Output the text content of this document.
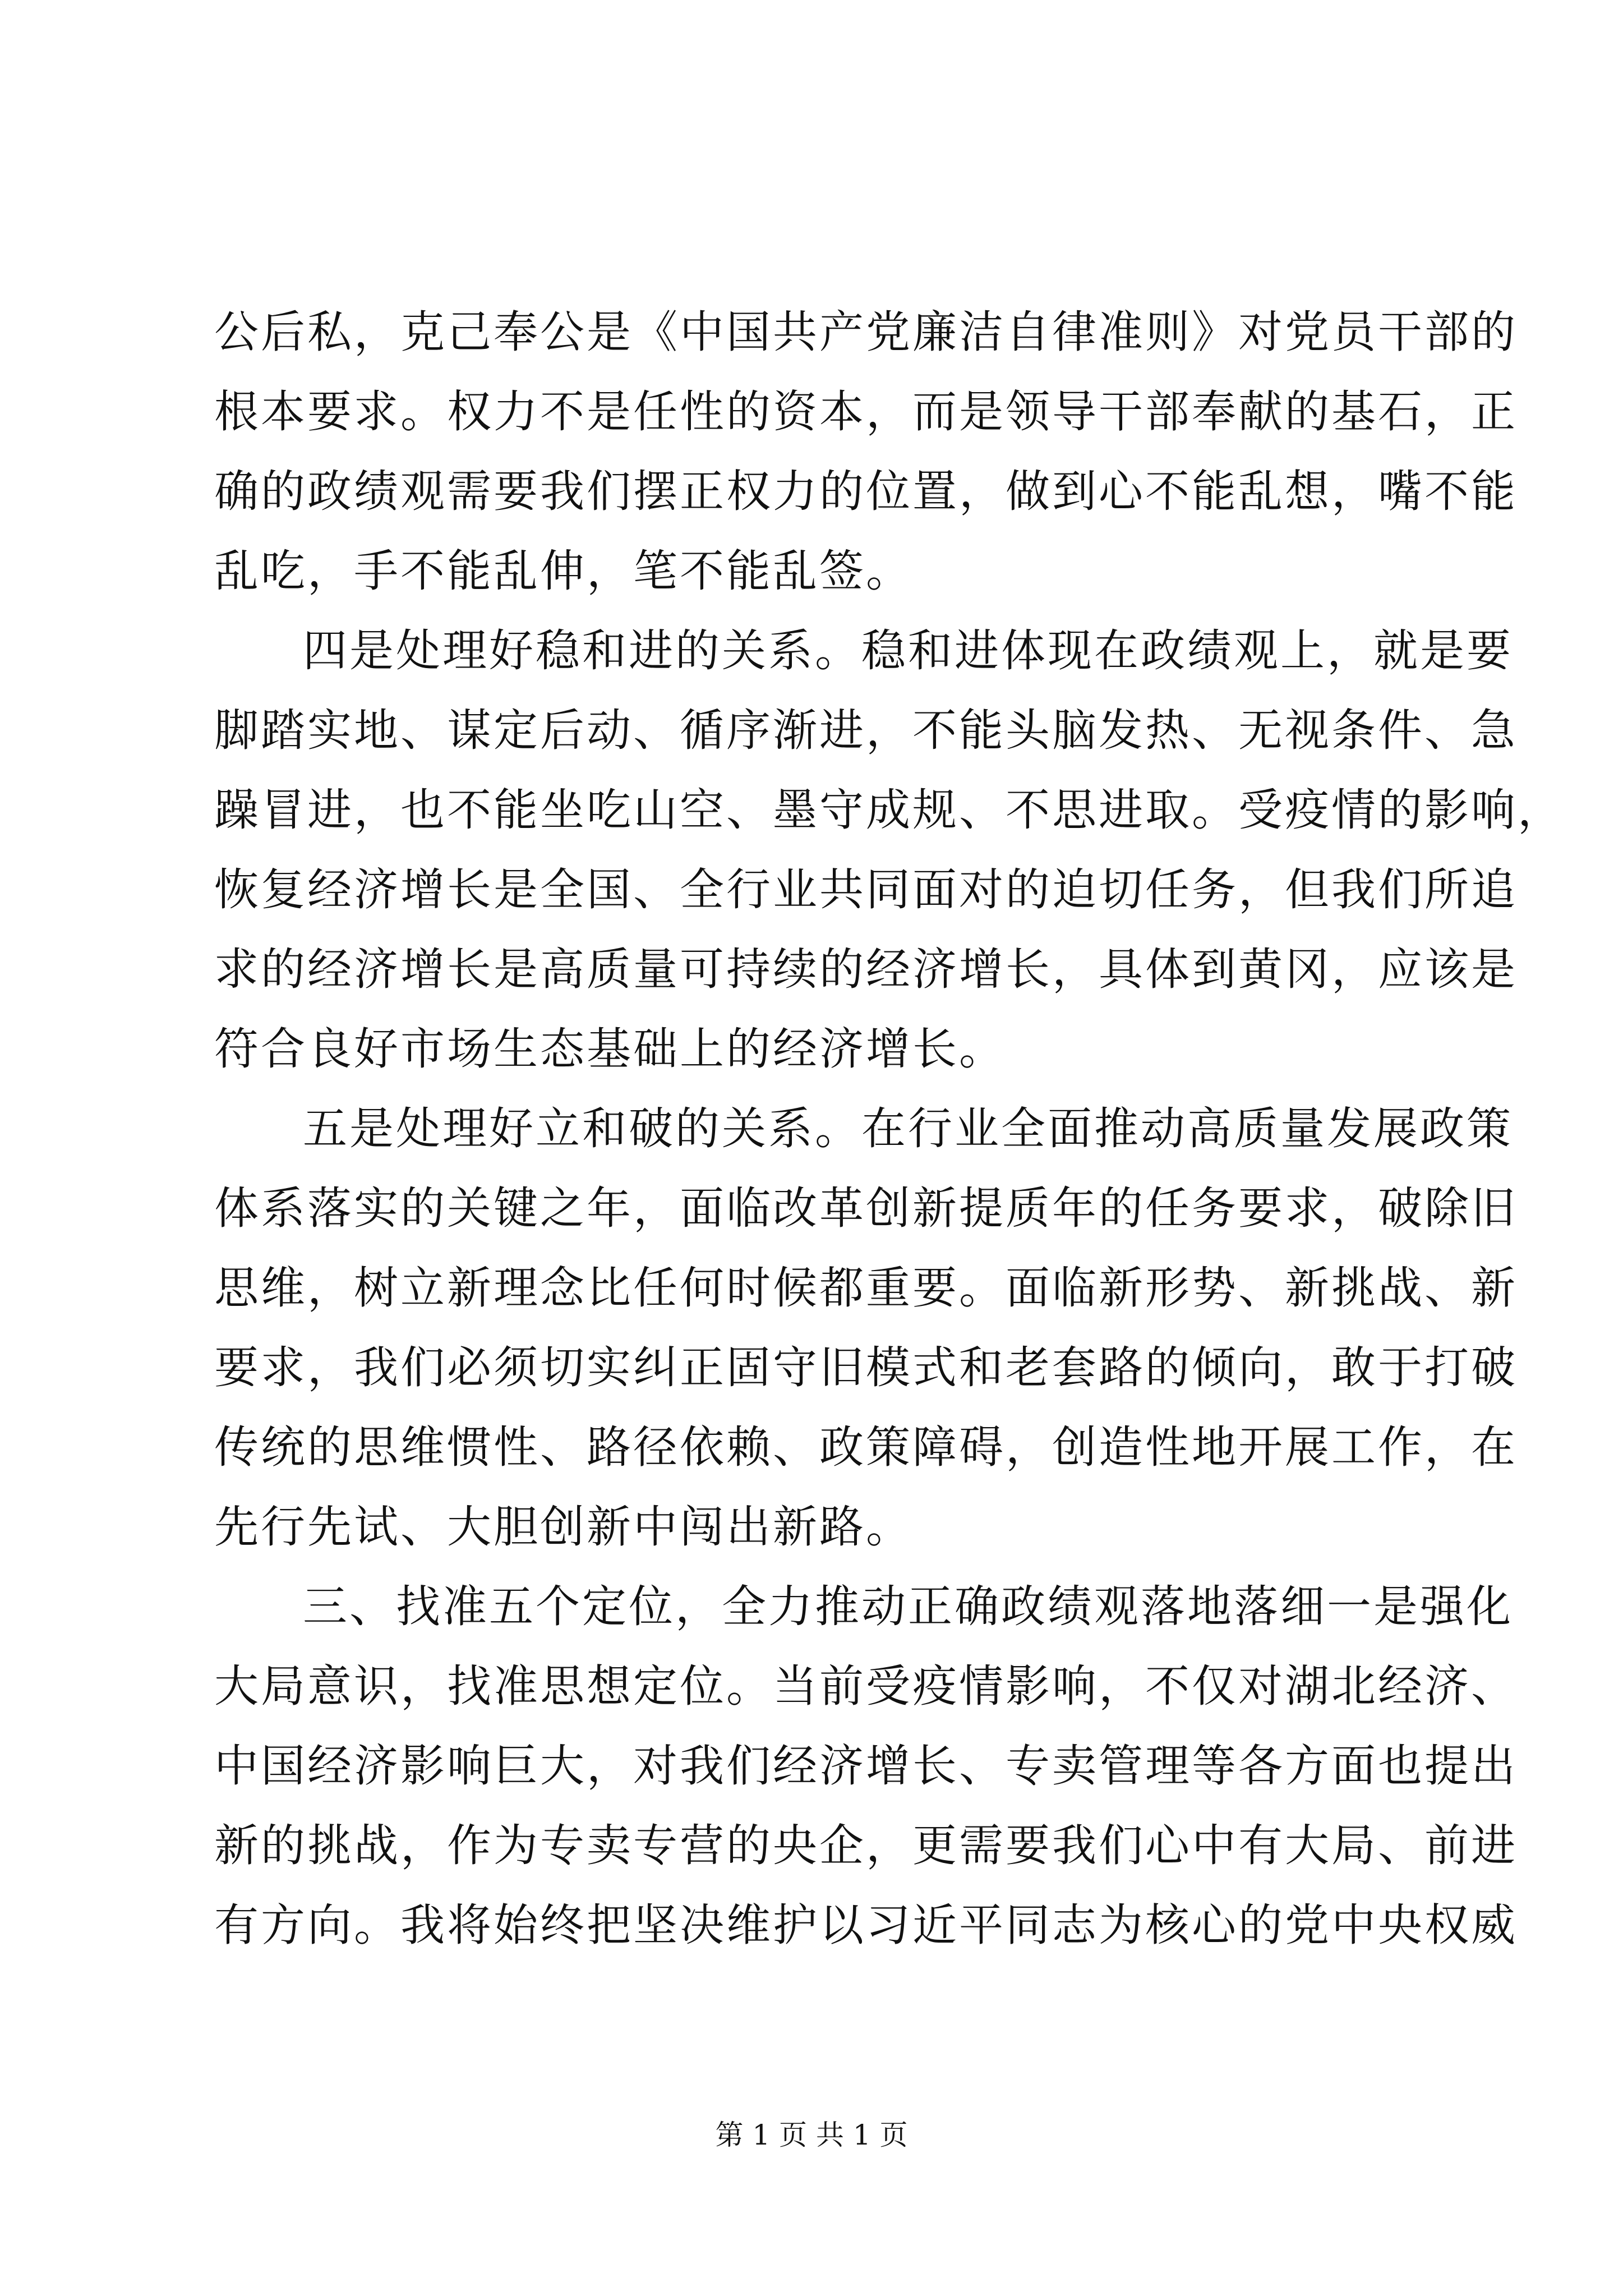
公后私，克己奉公是《中国共产党廉洁自律准则》对党员干部的
根本要求。权力不是任性的资本，而是领导干部奉献的基石，正
确的政绩观需要我们摆正权力的位置，做到心不能乱想，嘴不能
乱吃，手不能乱伸，笔不能乱签。
四是处理好稳和进的关系。稳和进体现在政绩观上，就是要
脚踏实地、谋定后动、循序渐进，不能头脑发热、无视条件、急
躁冒进，也不能坐吃山空、墨守成规、不思进取。受疫情的影响，
恢复经济增长是全国、全行业共同面对的迫切任务，但我们所追
求的经济增长是高质量可持续的经济增长，具体到黄冈，应该是
符合良好市场生态基础上的经济增长。
五是处理好立和破的关系。在行业全面推动高质量发展政策
体系落实的关键之年，面临改革创新提质年的任务要求，破除旧
思维，树立新理念比任何时候都重要。面临新形势、新挑战、新
要求，我们必须切实纠正固守旧模式和老套路的倾向，敢于打破
传统的思维惯性、路径依赖、政策障碍，创造性地开展工作，在
先行先试、大胆创新中闯出新路。
三、找准五个定位，全力推动正确政绩观落地落细一是强化
大局意识，找准思想定位。当前受疫情影响，不仅对湖北经济、
中国经济影响巨大，对我们经济增长、专卖管理等各方面也提出
新的挑战，作为专卖专营的央企，更需要我们心中有大局、前进
有方向。我将始终把坚决维护以习近平同志为核心的党中央权威
第 1 页 共 1 页
